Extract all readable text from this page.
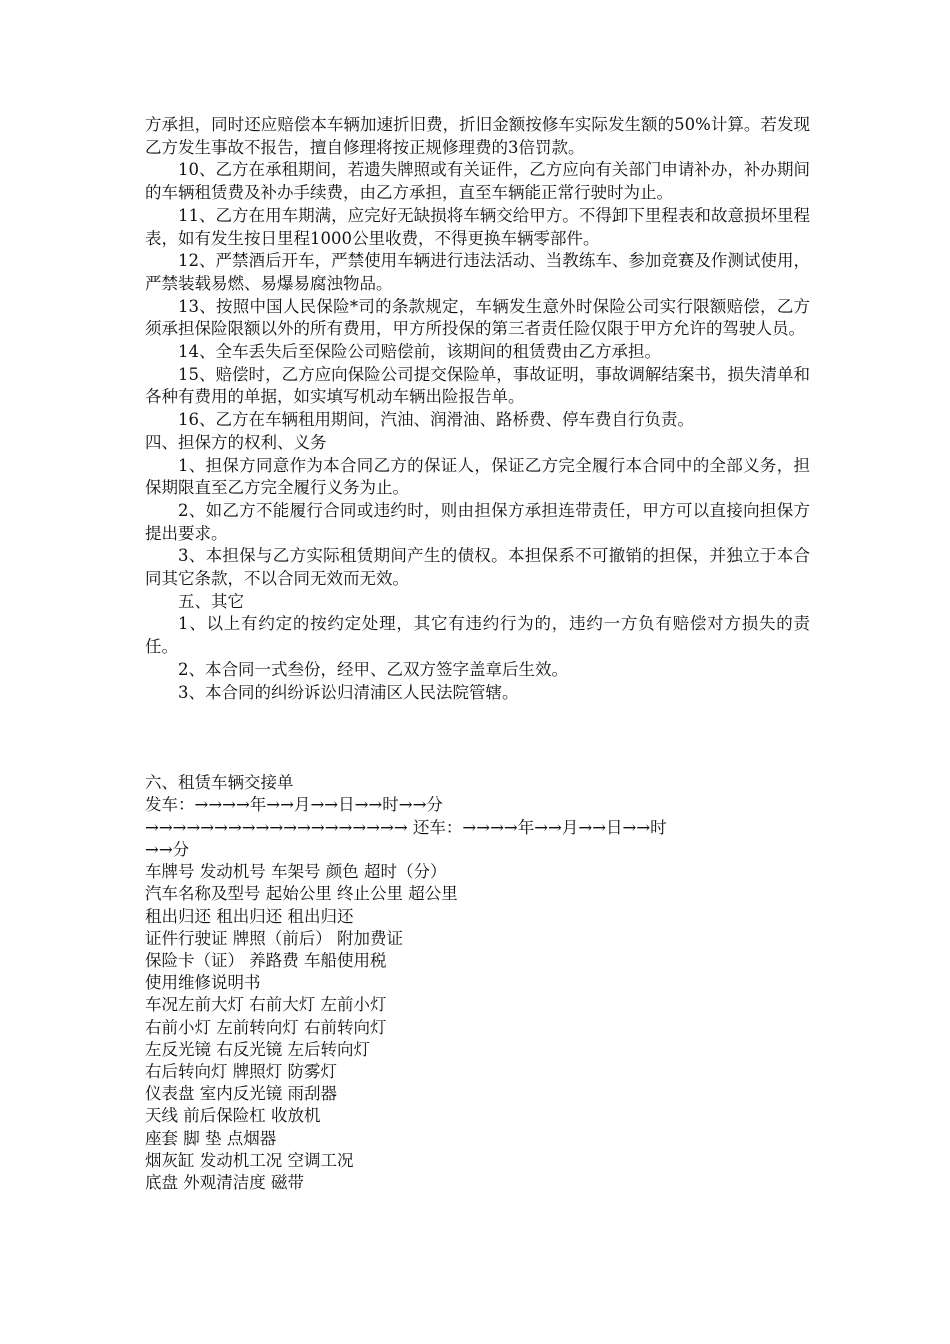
方承担，同时还应赔偿本车辆加速折旧费，折旧金额按修车实际发生额的50%计算。若发现乙方发生事故不报告，擅自修理将按正规修理费的3倍罚款。

10、乙方在承租期间，若遗失牌照或有关证件，乙方应向有关部门申请补办，补办期间的车辆租赁费及补办手续费，由乙方承担，直至车辆能正常行驶时为止。

11、乙方在用车期满，应完好无缺损将车辆交给甲方。不得卸下里程表和故意损坏里程表，如有发生按日里程1000公里收费，不得更换车辆零部件。

12、严禁酒后开车，严禁使用车辆进行违法活动、当教练车、参加竞赛及作测试使用，严禁装载易燃、易爆易腐浊物品。

13、按照中国人民保险*司的条款规定，车辆发生意外时保险公司实行限额赔偿，乙方须承担保险限额以外的所有费用，甲方所投保的第三者责任险仅限于甲方允许的驾驶人员。

14、全车丢失后至保险公司赔偿前，该期间的租赁费由乙方承担。

15、赔偿时，乙方应向保险公司提交保险单，事故证明，事故调解结案书，损失清单和各种有费用的单据，如实填写机动车辆出险报告单。

16、乙方在车辆租用期间，汽油、润滑油、路桥费、停车费自行负责。

四、担保方的权利、义务

1、担保方同意作为本合同乙方的保证人，保证乙方完全履行本合同中的全部义务，担保期限直至乙方完全履行义务为止。

2、如乙方不能履行合同或违约时，则由担保方承担连带责任，甲方可以直接向担保方提出要求。

3、本担保与乙方实际租赁期间产生的债权。本担保系不可撤销的担保，并独立于本合同其它条款，不以合同无效而无效。

五、其它

1、以上有约定的按约定处理，其它有违约行为的，违约一方负有赔偿对方损失的责任。

2、本合同一式叁份，经甲、乙双方签字盖章后生效。

3、本合同的纠纷诉讼归清浦区人民法院管辖。

六、租赁车辆交接单

发车：→→→→年→→月→→日→→时→→分

→→→→→→→→→→→→→→→→→→→ 还车：→→→→年→→月→→日→→时

→→分

车牌号 发动机号 车架号 颜色 超时（分）

汽车名称及型号 起始公里 终止公里 超公里

租出归还 租出归还 租出归还

证件行驶证 牌照（前后） 附加费证

保险卡（证） 养路费 车船使用税

使用维修说明书

车况左前大灯 右前大灯 左前小灯

右前小灯 左前转向灯 右前转向灯

左反光镜 右反光镜 左后转向灯

右后转向灯 牌照灯 防雾灯

仪表盘 室内反光镜 雨刮器

天线 前后保险杠 收放机

座套 脚 垫 点烟器

烟灰缸 发动机工况 空调工况

底盘 外观清洁度 磁带
